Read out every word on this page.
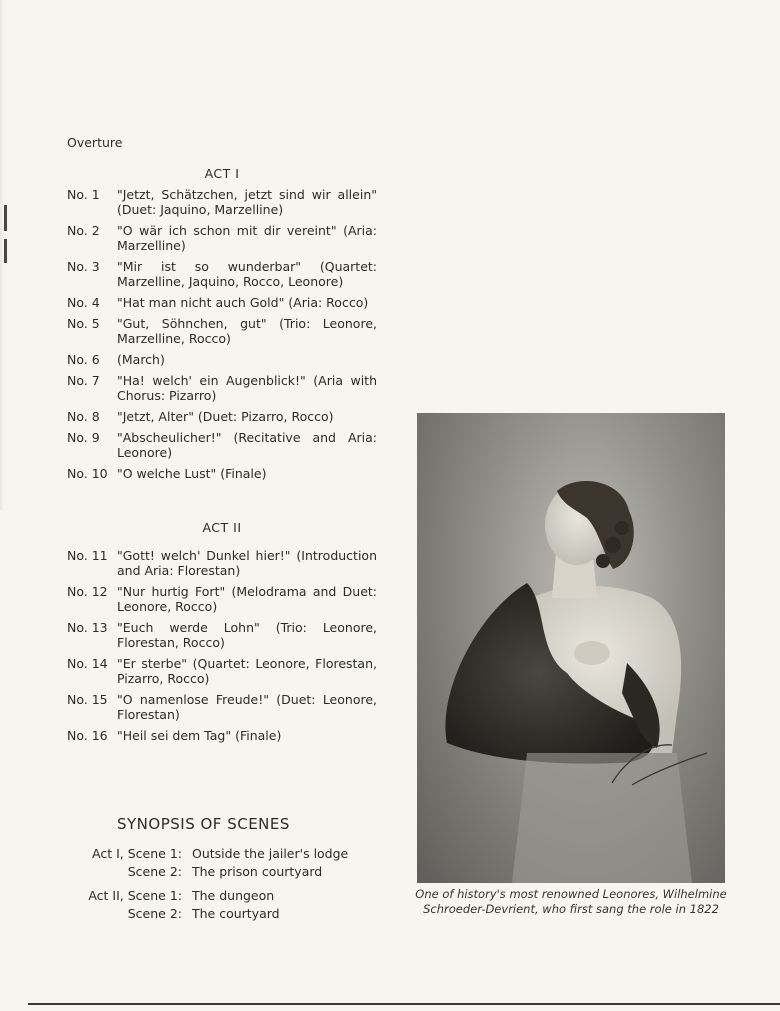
Overture
ACT I
No. 1	"Jetzt, Schätzchen, jetzt sind wir allein" (Duet: Jaquino, Marzelline)
No. 2	"O wär ich schon mit dir vereint" (Aria: Marzelline)
No. 3	"Mir ist so wunderbar" (Quartet: Marzelline, Jaquino, Rocco, Leonore)
No. 4	"Hat man nicht auch Gold" (Aria: Rocco)
No. 5	"Gut, Söhnchen, gut" (Trio: Leonore, Marzelline, Rocco)
No. 6	(March)
No. 7	"Ha! welch' ein Augenblick!" (Aria with Chorus: Pizarro)
No. 8	"Jetzt, Alter" (Duet: Pizarro, Rocco)
No. 9	"Abscheulicher!" (Recitative and Aria: Leonore)
No. 10 "O welche Lust" (Finale)
ACT II
No. 11 "Gott! welch' Dunkel hier!" (Introduction and Aria: Florestan)
No. 12 "Nur hurtig Fort" (Melodrama and Duet: Leonore, Rocco)
No. 13 "Euch werde Lohn" (Trio: Leonore, Florestan, Rocco)
No. 14 "Er sterbe" (Quartet: Leonore, Florestan, Pizarro, Rocco)
No. 15 "O namenlose Freude!" (Duet: Leonore, Florestan)
No. 16 "Heil sei dem Tag" (Finale)
SYNOPSIS OF SCENES
Act I, Scene 1: Outside the jailer's lodge
Scene 2: The prison courtyard
Act II, Scene 1: The dungeon
Scene 2: The courtyard
One of history's most renowned Leonores, Wilhelmine Schroeder-Devrient, who first sang the role in 1822
